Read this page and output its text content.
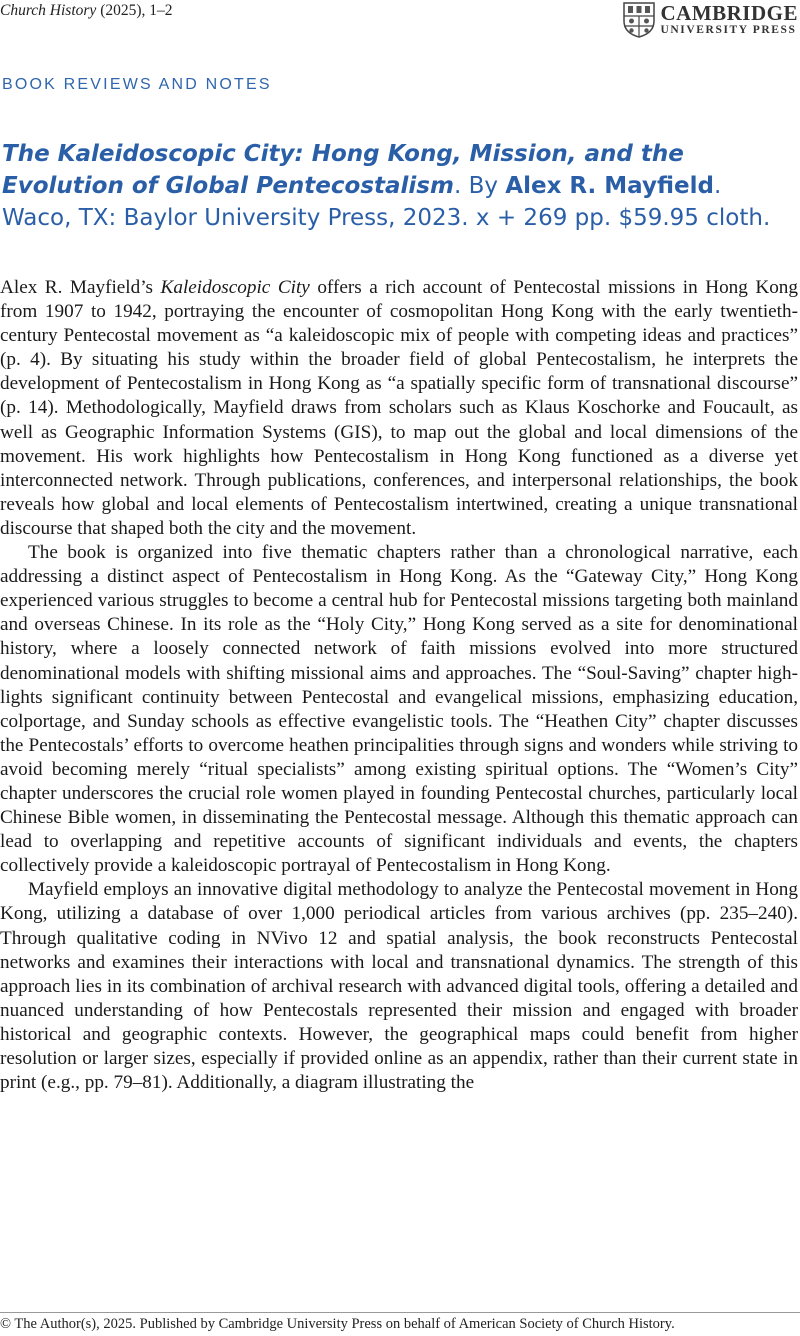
Church History (2025), 1–2	CAMBRIDGE
UNIVERSITY PRESS
BOOK REVIEWS AND NOTES
The Kaleidoscopic City: Hong Kong, Mission, and the Evolution of Global Pentecostalism. By Alex R. Mayfield. Waco, TX: Baylor University Press, 2023. x + 269 pp. $59.95 cloth.

Alex R. Mayfield’s Kaleidoscopic City offers a rich account of Pentecostal missions in Hong Kong from 1907 to 1942, portraying the encounter of cosmopolitan Hong Kong with the early twentieth-century Pentecostal movement as “a kaleidoscopic mix of people with competing ideas and practices” (p. 4). By situating his study within the broader field of global Pentecostalism, he interprets the development of Pentecostalism in Hong Kong as “a spatially specific form of transnational discourse” (p. 14). Methodologically, Mayfield draws from scholars such as Klaus Koschorke and Foucault, as well as Geographic Information Systems (GIS), to map out the global and local dimensions of the movement. His work highlights how Pentecostalism in Hong Kong functioned as a diverse yet interconnected network. Through publications, conferences, and interpersonal relationships, the book reveals how global and local elements of Pentecostalism intertwined, creating a unique transnational discourse that shaped both the city and the movement.

The book is organized into five thematic chapters rather than a chronological narrative, each addressing a distinct aspect of Pentecostalism in Hong Kong. As the “Gateway City,” Hong Kong experienced various struggles to become a central hub for Pentecostal missions targeting both mainland and overseas Chinese. In its role as the “Holy City,” Hong Kong served as a site for denominational history, where a loosely connected network of faith missions evolved into more structured denominational models with shifting missional aims and approaches. The “Soul-Saving” chapter highlights significant continuity between Pentecostal and evangelical missions, emphasizing education, colportage, and Sunday schools as effective evangelistic tools. The “Heathen City” chapter discusses the Pentecostals’ efforts to overcome heathen principalities through signs and wonders while striving to avoid becoming merely “ritual specialists” among existing spiritual options. The “Women’s City” chapter underscores the crucial role women played in founding Pentecostal churches, particularly local Chinese Bible women, in disseminating the Pentecostal message. Although this thematic approach can lead to overlapping and repetitive accounts of significant individuals and events, the chapters collectively provide a kaleidoscopic portrayal of Pentecostalism in Hong Kong.

Mayfield employs an innovative digital methodology to analyze the Pentecostal movement in Hong Kong, utilizing a database of over 1,000 periodical articles from various archives (pp. 235–240). Through qualitative coding in NVivo 12 and spatial analysis, the book reconstructs Pentecostal networks and examines their interactions with local and transnational dynamics. The strength of this approach lies in its combination of archival research with advanced digital tools, offering a detailed and nuanced understanding of how Pentecostals represented their mission and engaged with broader historical and geographic contexts. However, the geographical maps could benefit from higher resolution or larger sizes, especially if provided online as an appendix, rather than their current state in print (e.g., pp. 79–81). Additionally, a diagram illustrating the

© The Author(s), 2025. Published by Cambridge University Press on behalf of American Society of Church History.
